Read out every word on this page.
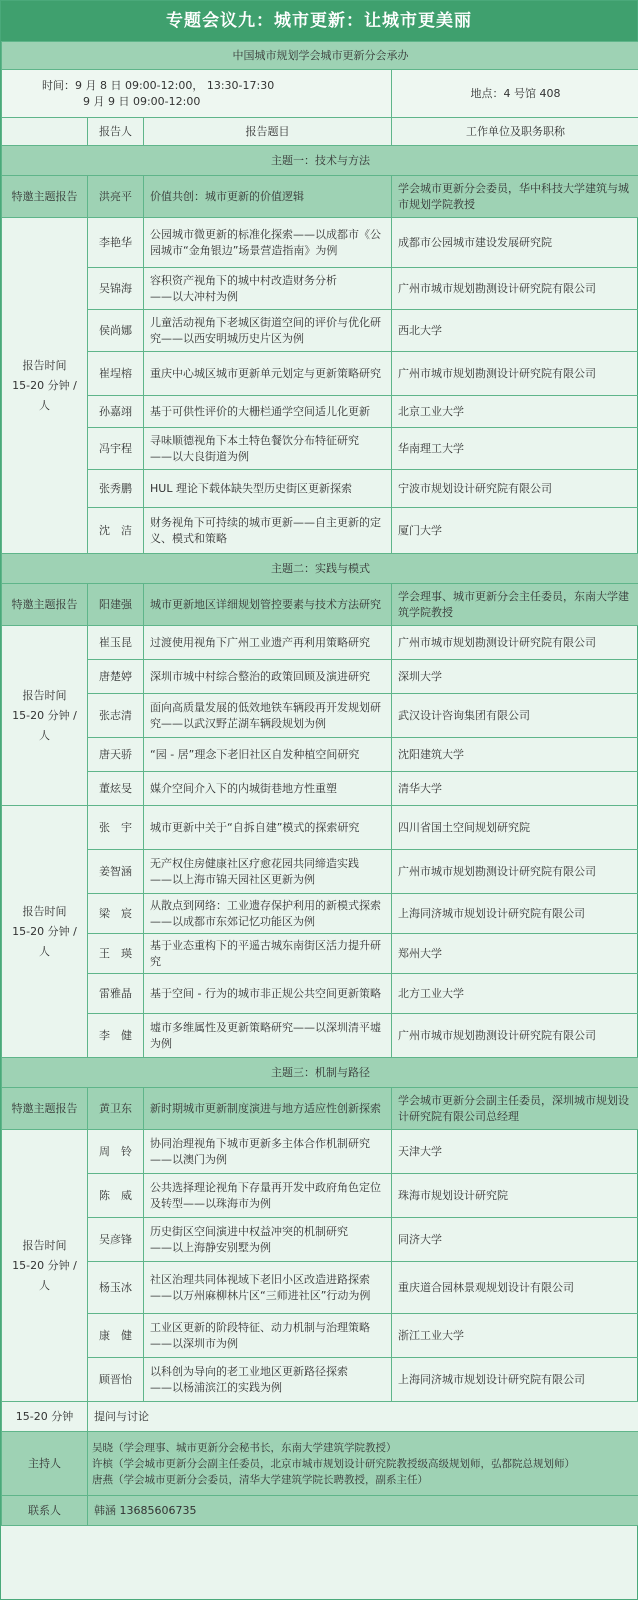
专题会议九：城市更新：让城市更美丽
中国城市规划学会城市更新分会承办			

时间：9 月 8 日 09:00-12:00， 13:30-17:30
9 月 9 日 09:00-12:00			地点：4 号馆 408
	报告人	报告题目	工作单位及职务职称
主题一：技术与方法			
特邀主题报告	洪亮平	价值共创：城市更新的价值逻辑	学会城市更新分会委员，华中科技大学建筑与城市规划学院教授

报告时间
15-20 分钟 / 人	李艳华	公园城市微更新的标准化探索——以成都市《公园城市“金角银边”场景营造指南》为例	成都市公园城市建设发展研究院
	吴锦海	容积资产视角下的城中村改造财务分析
——以大冲村为例	广州市城市规划勘测设计研究院有限公司
	侯尚娜	儿童活动视角下老城区街道空间的评价与优化研究——以西安明城历史片区为例	西北大学
	崔埕榕	重庆中心城区城市更新单元划定与更新策略研究	广州市城市规划勘测设计研究院有限公司
	孙嘉翊	基于可供性评价的大栅栏通学空间适儿化更新	北京工业大学
	冯宇程	寻味顺德视角下本土特色餐饮分布特征研究
——以大良街道为例	华南理工大学
	张秀鹏	HUL 理论下载体缺失型历史街区更新探索	宁波市规划设计研究院有限公司
	沈　洁	财务视角下可持续的城市更新——自主更新的定义、模式和策略	厦门大学
主题二：实践与模式			
特邀主题报告	阳建强	城市更新地区详细规划管控要素与技术方法研究	学会理事、城市更新分会主任委员，东南大学建筑学院教授

报告时间
15-20 分钟 / 人	崔玉昆	过渡使用视角下广州工业遗产再利用策略研究	广州市城市规划勘测设计研究院有限公司
	唐楚婷	深圳市城中村综合整治的政策回顾及演进研究	深圳大学
	张志清	面向高质量发展的低效地铁车辆段再开发规划研究——以武汉野芷湖车辆段规划为例	武汉设计咨询集团有限公司
	唐天骄	“园 - 居”理念下老旧社区自发种植空间研究	沈阳建筑大学
	董炫旻	媒介空间介入下的内城街巷地方性重塑	清华大学

报告时间
15-20 分钟 / 人	张　宇	城市更新中关于“自拆自建”模式的探索研究	四川省国土空间规划研究院
	姜智涵	无产权住房健康社区疗愈花园共同缔造实践
——以上海市锦天园社区更新为例	广州市城市规划勘测设计研究院有限公司
	梁　宸	从散点到网络：工业遗存保护利用的新模式探索——以成都市东郊记忆功能区为例	上海同济城市规划设计研究院有限公司
	王　瑛	基于业态重构下的平遥古城东南街区活力提升研究	郑州大学
	雷雅晶	基于空间 - 行为的城市非正规公共空间更新策略	北方工业大学
	李　健	墟市多维属性及更新策略研究——以深圳清平墟为例	广州市城市规划勘测设计研究院有限公司
主题三：机制与路径			
特邀主题报告	黄卫东	新时期城市更新制度演进与地方适应性创新探索	学会城市更新分会副主任委员，深圳城市规划设计研究院有限公司总经理

报告时间
15-20 分钟 / 人	周　铃	协同治理视角下城市更新多主体合作机制研究——以澳门为例	天津大学
	陈　威	公共选择理论视角下存量再开发中政府角色定位及转型——以珠海市为例	珠海市规划设计研究院
	吴彦锋	历史街区空间演进中权益冲突的机制研究
——以上海静安别墅为例	同济大学
	杨玉冰	社区治理共同体视域下老旧小区改造进路探索——以万州麻柳林片区“三师进社区”行动为例	重庆道合园林景观规划设计有限公司
	康　健	工业区更新的阶段特征、动力机制与治理策略——以深圳市为例	浙江工业大学
	顾晋怡	以科创为导向的老工业地区更新路径探索
——以杨浦滨江的实践为例	上海同济城市规划设计研究院有限公司
15-20 分钟	提问与讨论		
主持人	吴晓（学会理事、城市更新分会秘书长，东南大学建筑学院教授）
许槟（学会城市更新分会副主任委员，北京市城市规划设计研究院教授级高级规划师，弘都院总规划师）
唐燕（学会城市更新分会委员，清华大学建筑学院长聘教授，副系主任）		

联系人	韩涵 13685606735		
